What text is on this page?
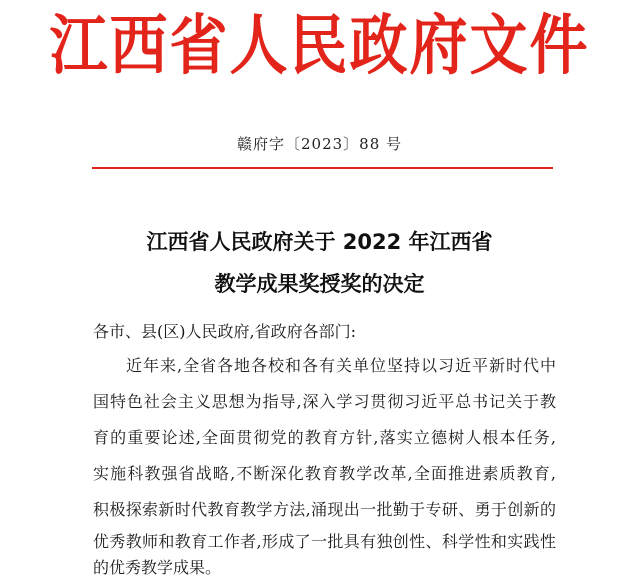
江西省人民政府文件
赣府字〔2023〕88 号
江西省人民政府关于 2022 年江西省
教学成果奖授奖的决定
各市、县(区)人民政府,省政府各部门:
近年来,全省各地各校和各有关单位坚持以习近平新时代中
国特色社会主义思想为指导,深入学习贯彻习近平总书记关于教
育的重要论述,全面贯彻党的教育方针,落实立德树人根本任务,
实施科教强省战略,不断深化教育教学改革,全面推进素质教育,
积极探索新时代教育教学方法,涌现出一批勤于专研、勇于创新的
优秀教师和教育工作者,形成了一批具有独创性、科学性和实践性
的优秀教学成果。
